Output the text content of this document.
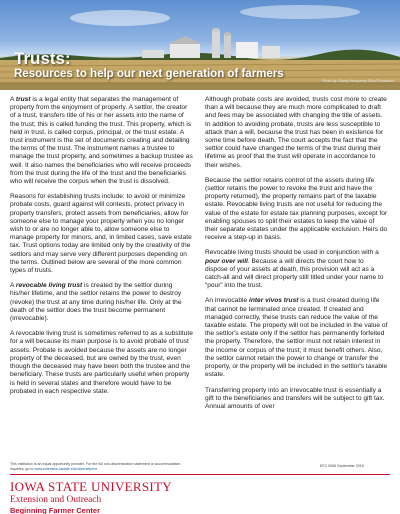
Trusts:
Resources to help our next generation of farmers
Photo by: Danny Marquiney-Olive/Thinkstock

A trust is a legal entity that separates the management of property from the enjoyment of property. A settlor, the creator of a trust, transfers title of his or her assets into the name of the trust; this is called funding the trust. This property, which is held in trust, is called corpus, principal, or the trust estate. A trust instrument is the set of documents creating and detailing the terms of the trust. The instrument names a trustee to manage the trust property, and sometimes a backup trustee as well. It also names the beneficiaries who will receive proceeds from the trust during the life of the trust and the beneficiaries who will receive the corpus when the trust is dissolved.

Reasons for establishing trusts include: to avoid or minimize probate costs, guard against will contests, protect privacy in property transfers, protect assets from beneficiaries, allow for someone else to manage your property when you no longer wish to or are no longer able to, allow someone else to manage property for minors, and, in limited cases, save estate tax. Trust options today are limited only by the creativity of the settlors and may serve very different purposes depending on the terms. Outlined below are several of the more common types of trusts.

A revocable living trust is created by the settlor during his/her lifetime, and the settlor retains the power to destroy (revoke) the trust at any time during his/her life. Only at the death of the settlor does the trust become permanent (irrevocable).

A revocable living trust is sometimes referred to as a substitute for a will because its main purpose is to avoid probate of trust assets. Probate is avoided because the assets are no longer property of the deceased, but are owned by the trust, even though the deceased may have been both the trustee and the beneficiary. These trusts are particularly useful when property is held in several states and therefore would have to be probated in each respective state.

Although probate costs are avoided, trusts cost more to create than a will because they are much more complicated to draft and fees may be associated with changing the title of assets. In addition to avoiding probate, trusts are less susceptible to attack than a will, because the trust has been in existence for some time before death. The court accepts the fact that the settlor could have changed the terms of the trust during their lifetime as proof that the trust will operate in accordance to their wishes.

Because the settlor retains control of the assets during life (settlor retains the power to revoke the trust and have the property returned), the property remains part of the taxable estate. Revocable living trusts are not useful for reducing the value of the estate for estate tax planning purposes, except for enabling spouses to split their estates to keep the value of their separate estates under the applicable exclusion. Heirs do receive a step-up in basis.

Revocable living trusts should be used in conjunction with a pour over will. Because a will directs the court how to dispose of your assets at death, this provision will act as a catch-all and will direct property still titled under your name to “pour” into the trust.

An irrevocable inter vivos trust is a trust created during life that cannot be terminated once created. If created and managed correctly, these trusts can reduce the value of the taxable estate. The property will not be included in the value of the settlor's estate only if the settlor has permanently forfeited the property. Therefore, the settlor must not retain interest in the income or corpus of the trust; it must benefit others. Also, the settlor cannot retain the power to change or transfer the property, or the property will be included in the settlor's taxable estate.

Transferring property into an irrevocable trust is essentially a gift to the beneficiaries and transfers will be subject to gift tax. Annual amounts of over

This institution is an equal opportunity provider. For the full non-discrimination statement or accommodation
inquiries, go to www.extension.iastate.edu/diversity/ext
EFC 0006 September 2016
IOWA STATE UNIVERSITY
Extension and Outreach
Beginning Farmer Center
